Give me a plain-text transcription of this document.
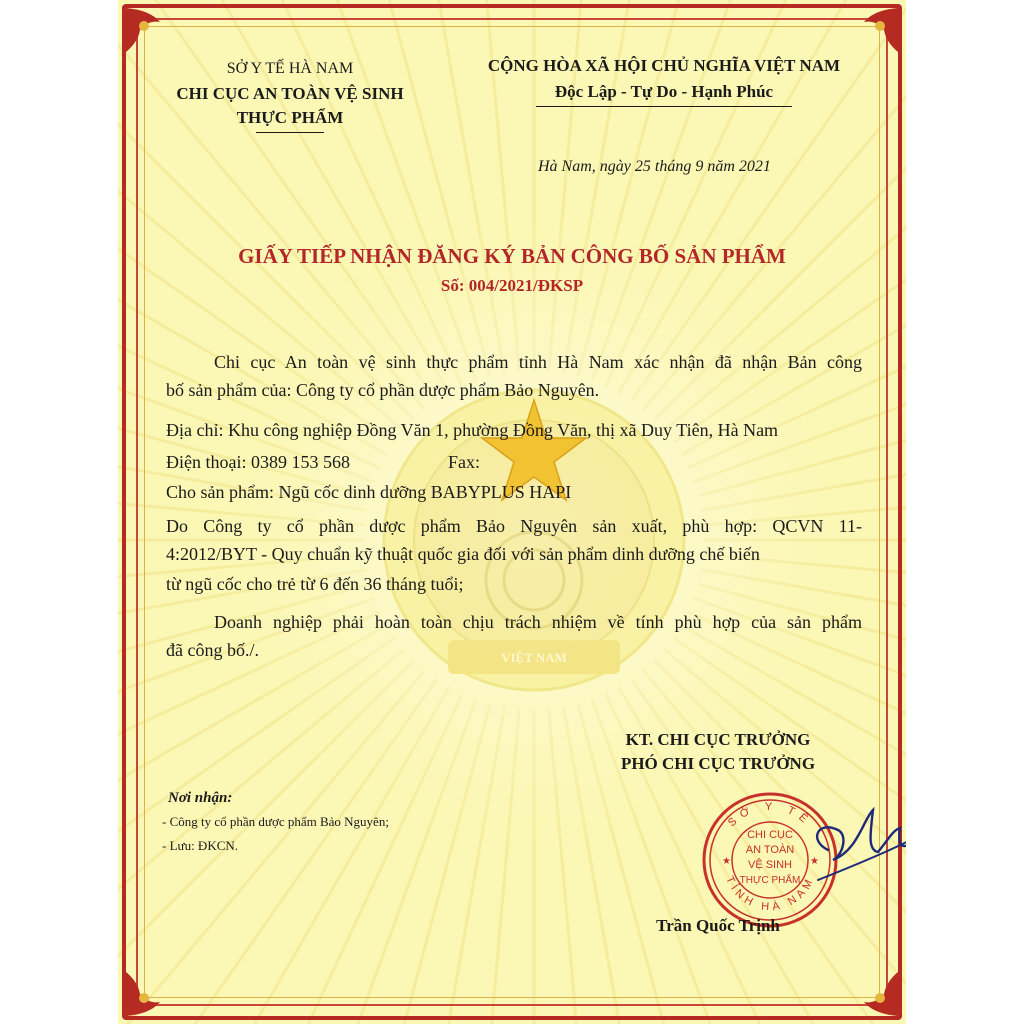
VIỆT NAM
SỞ Y TẾ HÀ NAM
CHI CỤC AN TOÀN VỆ SINH
THỰC PHẨM
CỘNG HÒA XÃ HỘI CHỦ NGHĨA VIỆT NAM
Độc Lập - Tự Do - Hạnh Phúc
Hà Nam, ngày 25 tháng 9 năm 2021
GIẤY TIẾP NHẬN ĐĂNG KÝ BẢN CÔNG BỐ SẢN PHẨM
Số: 004/2021/ĐKSP
Chi cục An toàn vệ sinh thực phẩm tỉnh Hà Nam xác nhận đã nhận Bản công
bố sản phẩm của: Công ty cổ phần dược phẩm Bảo Nguyên.
Địa chỉ: Khu công nghiệp Đồng Văn 1, phường Đồng Văn, thị xã Duy Tiên, Hà Nam
Điện thoại: 0389 153 568	Fax:
Cho sản phẩm: Ngũ cốc dinh dưỡng BABYPLUS HAPI
Do Công ty cổ phần dược phẩm Bảo Nguyên sản xuất, phù hợp: QCVN 11-
4:2012/BYT - Quy chuẩn kỹ thuật quốc gia đối với sản phẩm dinh dưỡng chế biến
từ ngũ cốc cho trẻ từ 6 đến 36 tháng tuổi;
Doanh nghiệp phải hoàn toàn chịu trách nhiệm về tính phù hợp của sản phẩm
đã công bố./.
KT. CHI CỤC TRƯỞNG
PHÓ CHI CỤC TRƯỞNG
Nơi nhận:
- Công ty cổ phần dược phẩm Bảo Nguyên;
- Lưu: ĐKCN.
SỞ Y TẾ
TỈNH HÀ NAM
CHI CỤC
AN TOÀN
VỆ SINH
THỰC PHẨM
★	★
Trần Quốc Trịnh
